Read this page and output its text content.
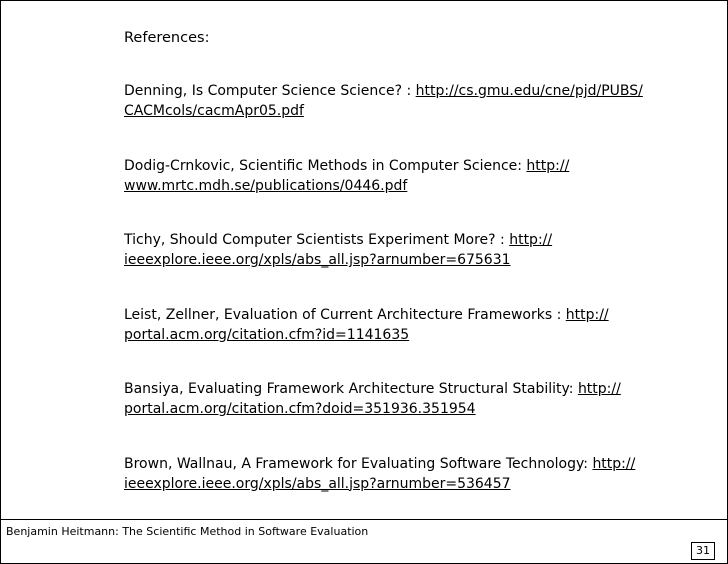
References:
Denning, Is Computer Science Science? : http://cs.gmu.edu/cne/pjd/PUBS/
CACMcols/cacmApr05.pdf
Dodig-Crnkovic, Scientific Methods in Computer Science: http://
www.mrtc.mdh.se/publications/0446.pdf
Tichy, Should Computer Scientists Experiment More? : http://
ieeexplore.ieee.org/xpls/abs_all.jsp?arnumber=675631
Leist, Zellner, Evaluation of Current Architecture Frameworks : http://
portal.acm.org/citation.cfm?id=1141635
Bansiya, Evaluating Framework Architecture Structural Stability: http://
portal.acm.org/citation.cfm?doid=351936.351954
Brown, Wallnau, A Framework for Evaluating Software Technology: http://
ieeexplore.ieee.org/xpls/abs_all.jsp?arnumber=536457
Benjamin Heitmann: The Scientific Method in Software Evaluation
31
